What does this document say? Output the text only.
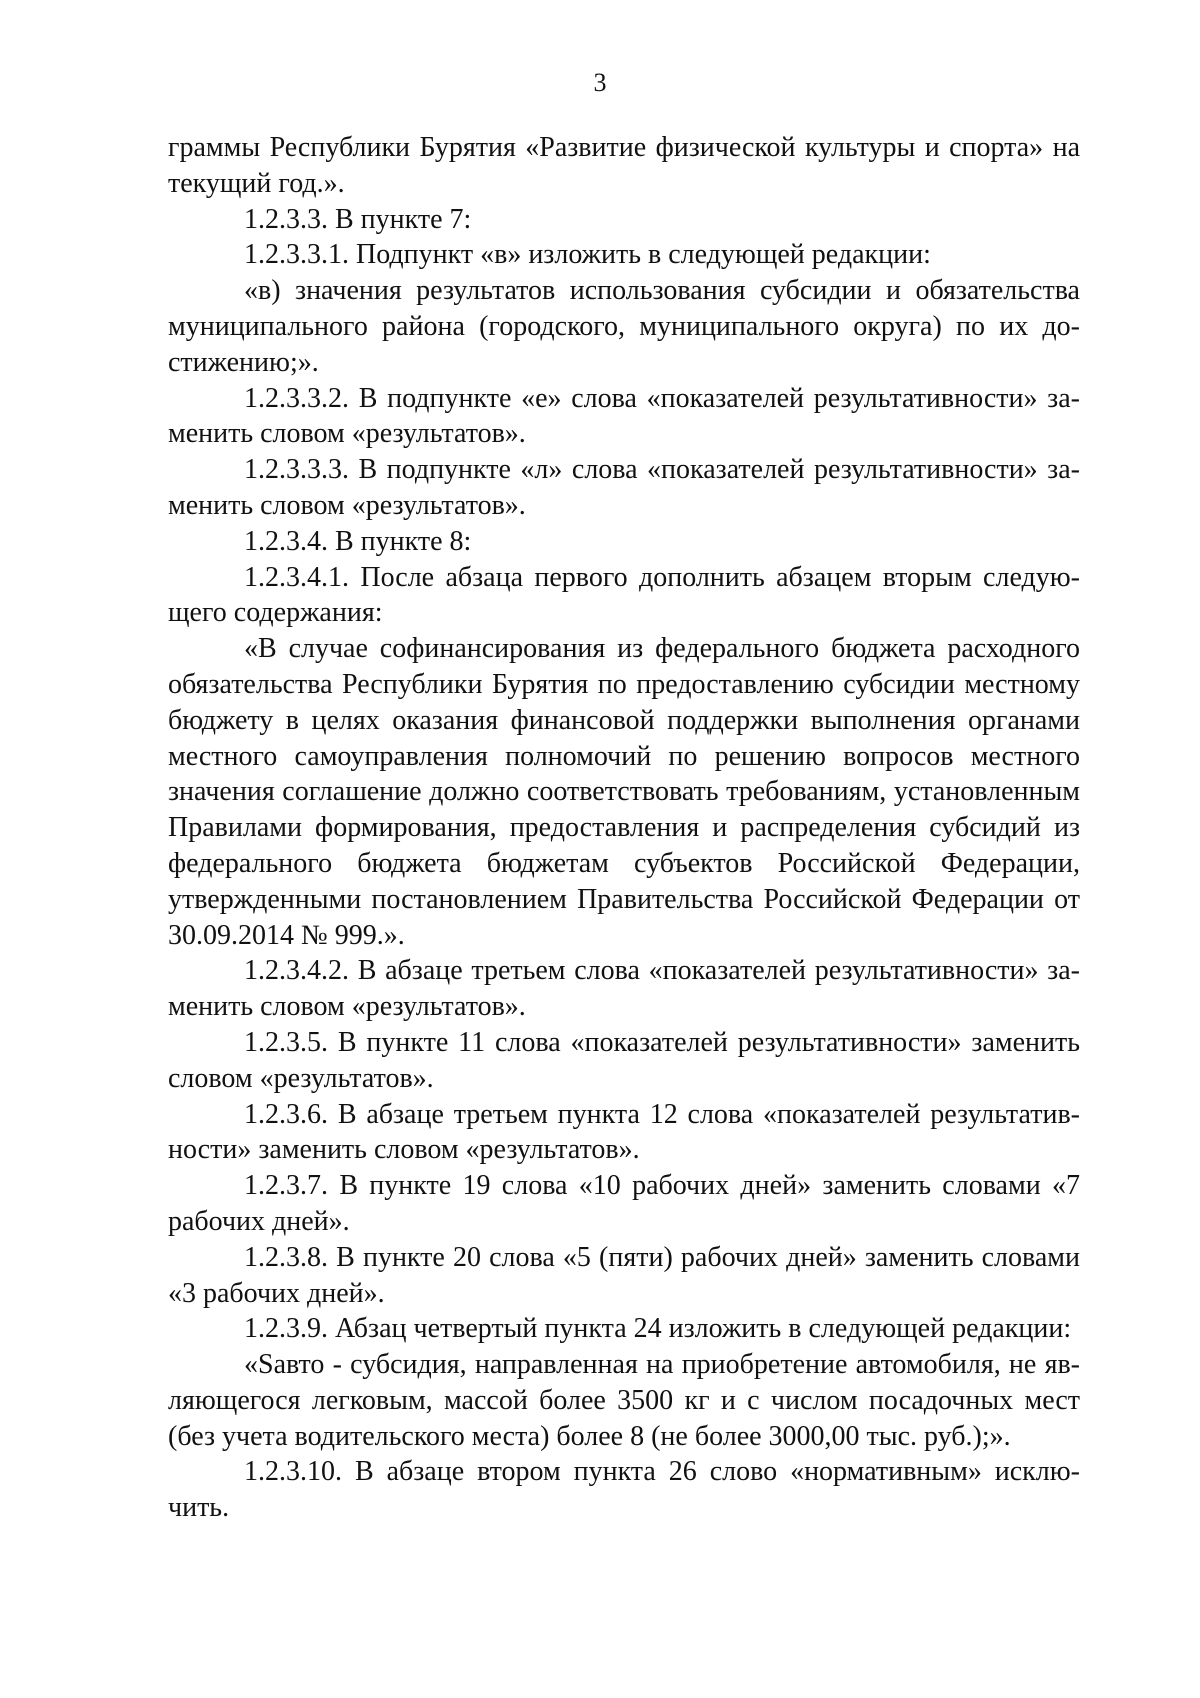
3

граммы Республики Бурятия «Развитие физической культуры и спорта» на текущий год.».

1.2.3.3. В пункте 7:

1.2.3.3.1. Подпункт «в» изложить в следующей редакции:

«в) значения результатов использования субсидии и обязательства муниципального района (городского, муниципального округа) по их достижению;».

1.2.3.3.2. В подпункте «е» слова «показателей результативности» заменить словом «результатов».

1.2.3.3.3. В подпункте «л» слова «показателей результативности» заменить словом «результатов».

1.2.3.4. В пункте 8:

1.2.3.4.1. После абзаца первого дополнить абзацем вторым следующего содержания:

«В случае софинансирования из федерального бюджета расходного обязательства Республики Бурятия по предоставлению субсидии местному бюджету в целях оказания финансовой поддержки выполнения органами местного самоуправления полномочий по решению вопросов местного значения соглашение должно соответствовать требованиям, установленным Правилами формирования, предоставления и распределения субсидий из федерального бюджета бюджетам субъектов Российской Федерации, утвержденными постановлением Правительства Российской Федерации от 30.09.2014 № 999.».

1.2.3.4.2. В абзаце третьем слова «показателей результативности» заменить словом «результатов».

1.2.3.5. В пункте 11 слова «показателей результативности» заменить словом «результатов».

1.2.3.6. В абзаце третьем пункта 12 слова «показателей результативности» заменить словом «результатов».

1.2.3.7. В пункте 19 слова «10 рабочих дней» заменить словами «7 рабочих дней».

1.2.3.8. В пункте 20 слова «5 (пяти) рабочих дней» заменить словами «3 рабочих дней».

1.2.3.9. Абзац четвертый пункта 24 изложить в следующей редакции:

«Sавто - субсидия, направленная на приобретение автомобиля, не являющегося легковым, массой более 3500 кг и с числом посадочных мест (без учета водительского места) более 8 (не более 3000,00 тыс. руб.);».

1.2.3.10. В абзаце втором пункта 26 слово «нормативным» исключить.
